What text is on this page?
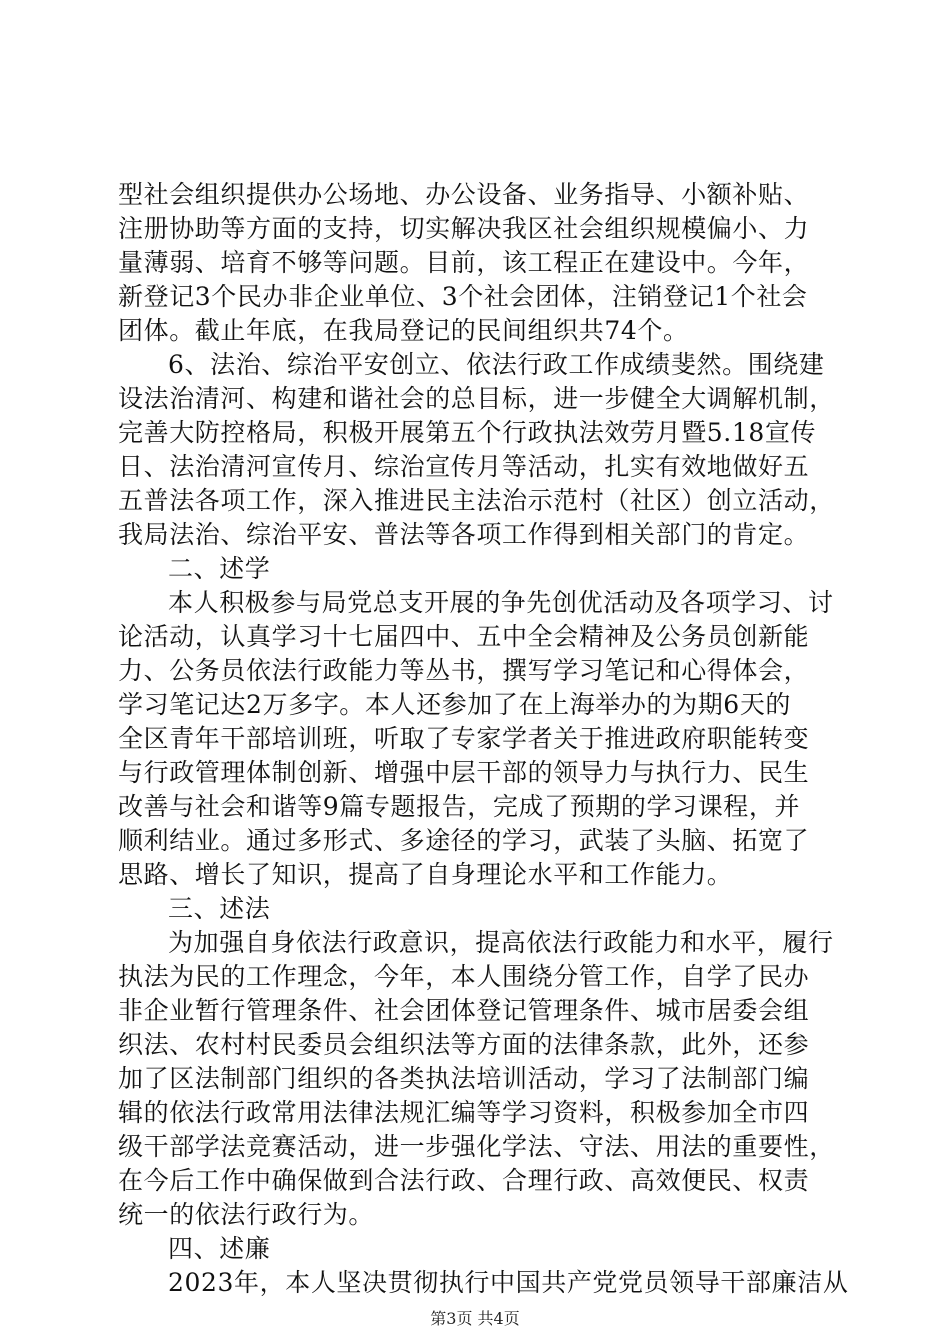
型社会组织提供办公场地、办公设备、业务指导、小额补贴、
注册协助等方面的支持，切实解决我区社会组织规模偏小、力
量薄弱、培育不够等问题。目前，该工程正在建设中。今年，
新登记3个民办非企业单位、3个社会团体，注销登记1个社会
团体。截止年底，在我局登记的民间组织共74个。
6、法治、综治平安创立、依法行政工作成绩斐然。围绕建
设法治清河、构建和谐社会的总目标，进一步健全大调解机制，
完善大防控格局，积极开展第五个行政执法效劳月暨5.18宣传
日、法治清河宣传月、综治宣传月等活动，扎实有效地做好五
五普法各项工作，深入推进民主法治示范村（社区）创立活动，
我局法治、综治平安、普法等各项工作得到相关部门的肯定。
二、述学
本人积极参与局党总支开展的争先创优活动及各项学习、讨
论活动，认真学习十七届四中、五中全会精神及公务员创新能
力、公务员依法行政能力等丛书，撰写学习笔记和心得体会，
学习笔记达2万多字。本人还参加了在上海举办的为期6天的
全区青年干部培训班，听取了专家学者关于推进政府职能转变
与行政管理体制创新、增强中层干部的领导力与执行力、民生
改善与社会和谐等9篇专题报告，完成了预期的学习课程，并
顺利结业。通过多形式、多途径的学习，武装了头脑、拓宽了
思路、增长了知识，提高了自身理论水平和工作能力。
三、述法
为加强自身依法行政意识，提高依法行政能力和水平，履行
执法为民的工作理念，今年，本人围绕分管工作，自学了民办
非企业暂行管理条件、社会团体登记管理条件、城市居委会组
织法、农村村民委员会组织法等方面的法律条款，此外，还参
加了区法制部门组织的各类执法培训活动，学习了法制部门编
辑的依法行政常用法律法规汇编等学习资料，积极参加全市四
级干部学法竞赛活动，进一步强化学法、守法、用法的重要性，
在今后工作中确保做到合法行政、合理行政、高效便民、权责
统一的依法行政行为。
四、述廉
2023年，本人坚决贯彻执行中国共产党党员领导干部廉洁从
第3页 共4页
